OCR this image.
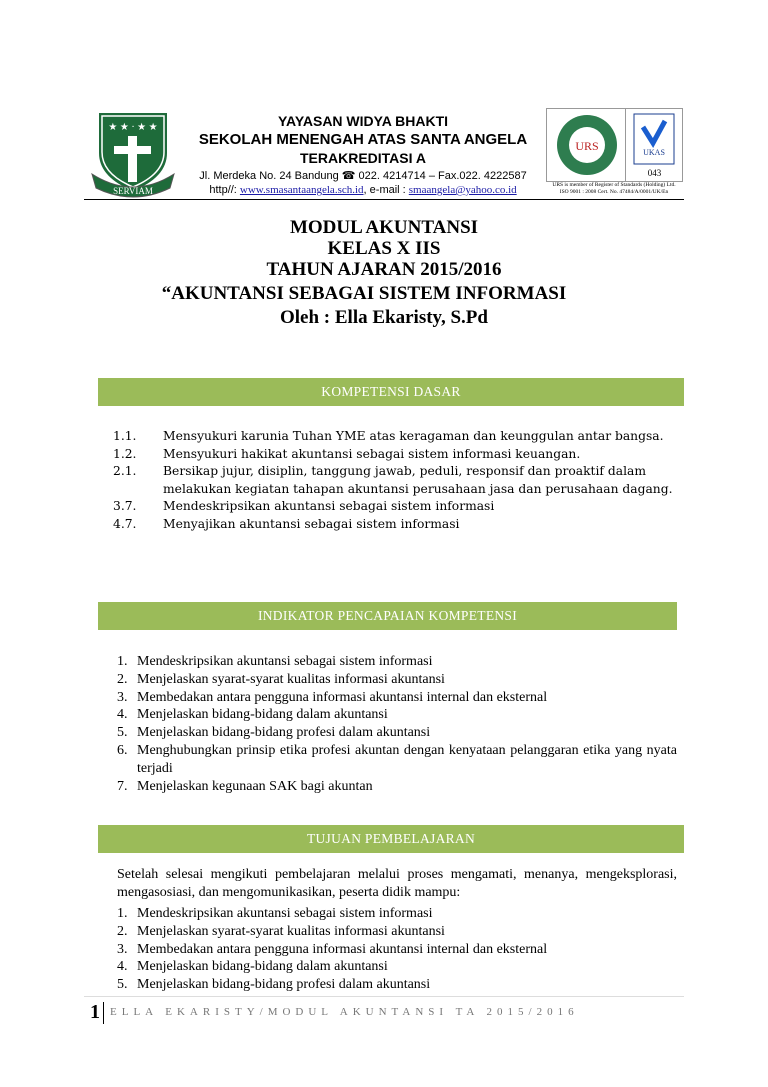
★ ★ · ★ ★
SERVIAM
YAYASAN WIDYA BHAKTI
SEKOLAH MENENGAH ATAS SANTA ANGELA
TERAKREDITASI A
Jl. Merdeka No. 24 Bandung ☎ 022. 4214714 – Fax.022. 4222587
http//: www.smasantaangela.sch.id, e-mail : smaangela@yahoo.co.id
URS	UKAS
043
URS is member of Register of Standards (Holding) Ltd.
ISO 9001 : 2008 Cert. No. 47484/A/0001/UK/En
MODUL AKUNTANSI
KELAS X IIS
TAHUN AJARAN 2015/2016
“AKUNTANSI SEBAGAI SISTEM INFORMASI
Oleh : Ella Ekaristy, S.Pd
KOMPETENSI DASAR
1.1.	Mensyukuri karunia Tuhan YME atas keragaman dan keunggulan antar bangsa.
1.2.	Mensyukuri hakikat akuntansi sebagai sistem informasi keuangan.
2.1.	Bersikap jujur, disiplin, tanggung jawab, peduli, responsif dan proaktif dalam melakukan kegiatan tahapan akuntansi perusahaan jasa dan perusahaan dagang.
3.7.	Mendeskripsikan akuntansi sebagai sistem informasi
4.7.	Menyajikan akuntansi sebagai sistem informasi
INDIKATOR PENCAPAIAN KOMPETENSI
1. Mendeskripsikan akuntansi sebagai sistem informasi
2. Menjelaskan syarat-syarat kualitas informasi akuntansi
3. Membedakan antara pengguna informasi akuntansi internal dan eksternal
4. Menjelaskan bidang-bidang dalam akuntansi
5. Menjelaskan bidang-bidang profesi dalam akuntansi
6. Menghubungkan prinsip etika profesi akuntan dengan kenyataan pelanggaran etika yang nyata terjadi
7. Menjelaskan kegunaan SAK bagi akuntan
TUJUAN PEMBELAJARAN
Setelah selesai mengikuti pembelajaran melalui proses mengamati, menanya, mengeksplorasi, mengasosiasi, dan mengomunikasikan, peserta didik mampu:
1. Mendeskripsikan akuntansi sebagai sistem informasi
2. Menjelaskan syarat-syarat kualitas informasi akuntansi
3. Membedakan antara pengguna informasi akuntansi internal dan eksternal
4. Menjelaskan bidang-bidang dalam akuntansi
5. Menjelaskan bidang-bidang profesi dalam akuntansi
1 ELLA EKARISTY/MODUL AKUNTANSI TA 2015/2016
